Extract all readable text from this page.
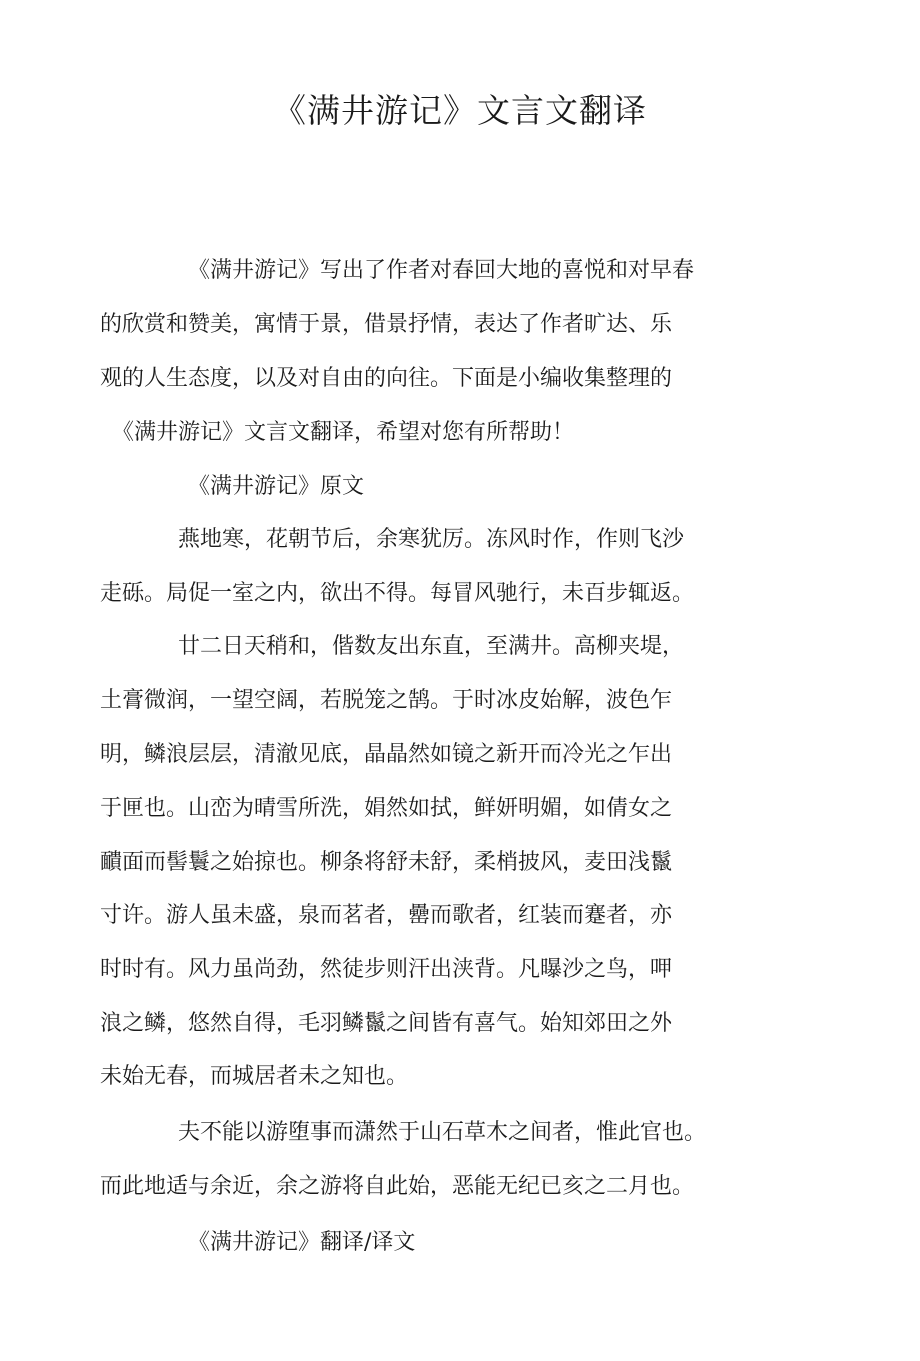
《满井游记》文言文翻译
《满井游记》写出了作者对春回大地的喜悦和对早春
的欣赏和赞美，寓情于景，借景抒情，表达了作者旷达、乐
观的人生态度，以及对自由的向往。下面是小编收集整理的
《满井游记》文言文翻译，希望对您有所帮助！
《满井游记》原文
燕地寒，花朝节后，余寒犹厉。冻风时作，作则飞沙
走砾。局促一室之内，欲出不得。每冒风驰行，未百步辄返。
廿二日天稍和，偕数友出东直，至满井。高柳夹堤，
土膏微润，一望空阔，若脱笼之鹄。于时冰皮始解，波色乍
明，鳞浪层层，清澈见底，晶晶然如镜之新开而冷光之乍出
于匣也。山峦为晴雪所洗，娟然如拭，鲜妍明媚，如倩女之
靧面而髻鬟之始掠也。柳条将舒未舒，柔梢披风，麦田浅鬣
寸许。游人虽未盛，泉而茗者，罍而歌者，红装而蹇者，亦
时时有。风力虽尚劲，然徒步则汗出浃背。凡曝沙之鸟，呷
浪之鳞，悠然自得，毛羽鳞鬣之间皆有喜气。始知郊田之外
未始无春，而城居者未之知也。
夫不能以游堕事而潇然于山石草木之间者，惟此官也。
而此地适与余近，余之游将自此始，恶能无纪已亥之二月也。
《满井游记》翻译/译文
